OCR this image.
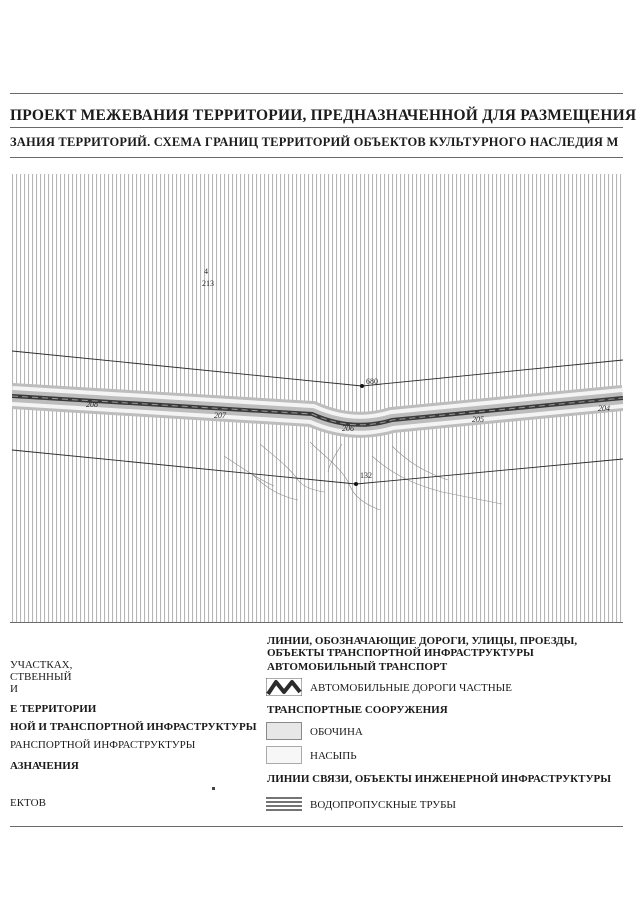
ПРОЕКТ МЕЖЕВАНИЯ ТЕРРИТОРИИ, ПРЕДНАЗНАЧЕННОЙ ДЛЯ РАЗМЕЩЕНИЯ
ЗАНИЯ ТЕРРИТОРИЙ. СХЕМА ГРАНИЦ ТЕРРИТОРИЙ ОБЪЕКТОВ КУЛЬТУРНОГО НАСЛЕДИЯ М
4
213
680
132
208
207
206
205
204
УЧАСТКАХ,
СТВЕННЫЙ
И
Е ТЕРРИТОРИИ
НОЙ И ТРАНСПОРТНОЙ ИНФРАСТРУКТУРЫ
РАНСПОРТНОЙ ИНФРАСТРУКТУРЫ
АЗНАЧЕНИЯ
ЕКТОВ
ЛИНИИ, ОБОЗНАЧАЮЩИЕ ДОРОГИ, УЛИЦЫ, ПРОЕЗДЫ,
ОБЪЕКТЫ ТРАНСПОРТНОЙ ИНФРАСТРУКТУРЫ
АВТОМОБИЛЬНЫЙ ТРАНСПОРТ
АВТОМОБИЛЬНЫЕ ДОРОГИ ЧАСТНЫЕ
ТРАНСПОРТНЫЕ СООРУЖЕНИЯ
ОБОЧИНА
НАСЫПЬ
ЛИНИИ СВЯЗИ, ОБЪЕКТЫ ИНЖЕНЕРНОЙ ИНФРАСТРУКТУРЫ
ВОДОПРОПУСКНЫЕ ТРУБЫ
